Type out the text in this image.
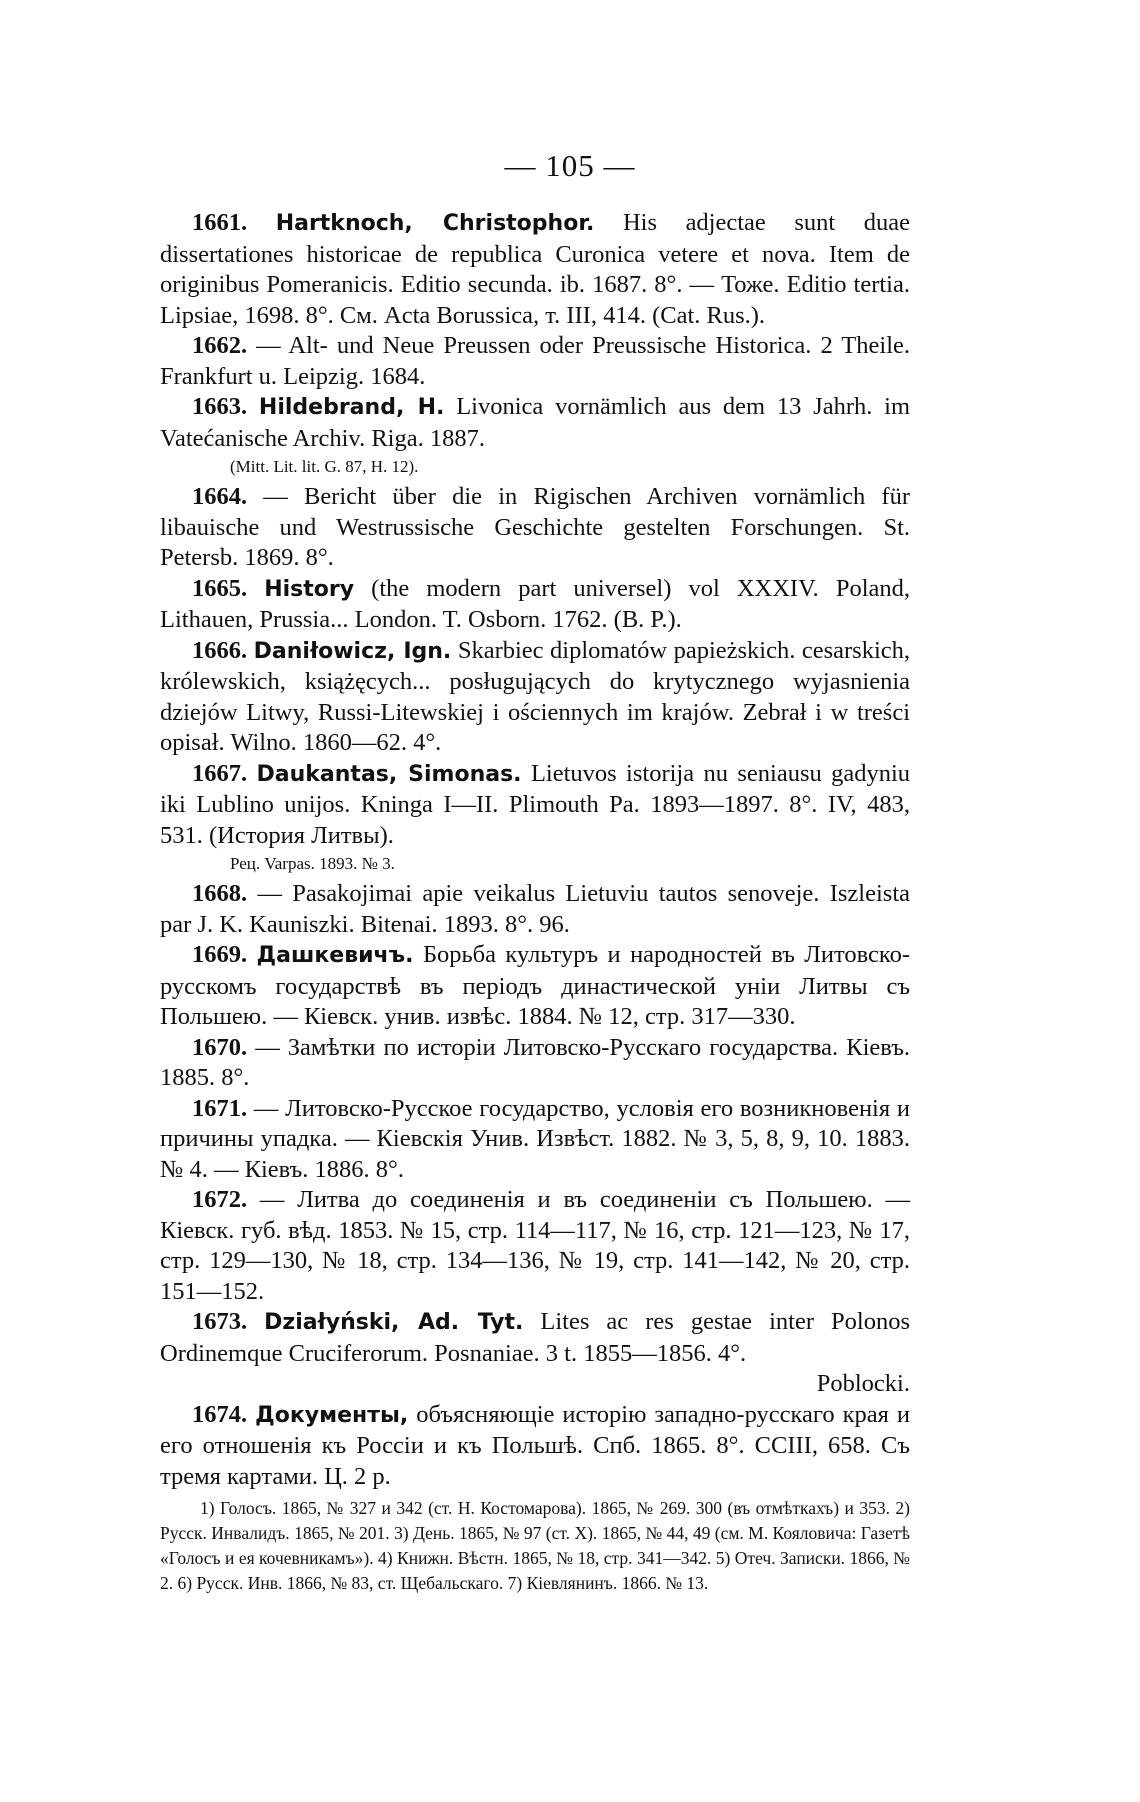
— 105 —

1661. Hartknoch, Christophor. His adjectae sunt duae dissertationes historicae de republica Curonica vetere et nova. Item de originibus Pomeranicis. Editio secunda. ib. 1687. 8°. — Тоже. Editio tertia. Lipsiae, 1698. 8°. См. Acta Borussica, т. III, 414. (Cat. Rus.).

1662. — Alt- und Neue Preussen oder Preussische Historica. 2 Theile. Frankfurt u. Leipzig. 1684.

1663. Hildebrand, H. Livonica vornämlich aus dem 13 Jahrh. im Vatećanische Archiv. Riga. 1887.

(Mitt. Lit. lit. G. 87, H. 12).

1664. — Bericht über die in Rigischen Archiven vornämlich für libauische und Westrussische Geschichte gestelten Forschungen. St. Petersb. 1869. 8°.

1665. History (the modern part universel) vol XXXIV. Poland, Lithauen, Prussia... London. T. Osborn. 1762. (B. P.).

1666. Daniłowicz, Ign. Skarbiec diplomatów papieżskich. cesarskich, królewskich, książęcych... posługujących do krytycznego wyjasnienia dziejów Litwy, Russi-Litewskiej i ościennych im krajów. Zebrał i w treści opisał. Wilno. 1860—62. 4°.

1667. Daukantas, Simonas. Lietuvos istorija nu seniausu gadyniu iki Lublino unijos. Kninga I—II. Plimouth Pa. 1893—1897. 8°. IV, 483, 531. (История Литвы).

Рец. Varpas. 1893. № 3.

1668. — Pasakojimai apie veikalus Lietuviu tautos senoveje. Iszleista par J. K. Kauniszki. Bitenai. 1893. 8°. 96.

1669. Дашкевичъ. Борьба культуръ и народностей въ Литовско-русскомъ государствѣ въ періодъ династической уніи Литвы съ Польшею. — Кіевск. унив. извѣс. 1884. № 12, стр. 317—330.

1670. — Замѣтки по исторіи Литовско-Русскаго государства. Кіевъ. 1885. 8°.

1671. — Литовско-Русское государство, условія его возникновенія и причины упадка. — Кіевскія Унив. Извѣст. 1882. № 3, 5, 8, 9, 10. 1883. № 4. — Кіевъ. 1886. 8°.

1672. — Литва до соединенія и въ соединеніи съ Польшею. — Кіевск. губ. вѣд. 1853. № 15, стр. 114—117, № 16, стр. 121—123, № 17, стр. 129—130, № 18, стр. 134—136, № 19, стр. 141—142, № 20, стр. 151—152.

1673. Działyński, Ad. Tyt. Lites ac res gestae inter Polonos Ordinemque Cruciferorum. Posnaniae. 3 t. 1855—1856. 4°.

Poblocki.

1674. Документы, объясняющіе исторію западно-русскаго края и его отношенія къ Россіи и къ Польшѣ. Спб. 1865. 8°. CCIII, 658. Съ тремя картами. Ц. 2 р.

1) Голосъ. 1865, № 327 и 342 (ст. Н. Костомарова). 1865, № 269. 300 (въ отмѣткахъ) и 353. 2) Русск. Инвалидъ. 1865, № 201. 3) День. 1865, № 97 (ст. X). 1865, № 44, 49 (см. М. Кояловича: Газетѣ «Голосъ и ея кочевникамъ»). 4) Книжн. Вѣстн. 1865, № 18, стр. 341—342. 5) Отеч. Записки. 1866, № 2. 6) Русск. Инв. 1866, № 83, ст. Щебальскаго. 7) Кіевлянинъ. 1866. № 13.
